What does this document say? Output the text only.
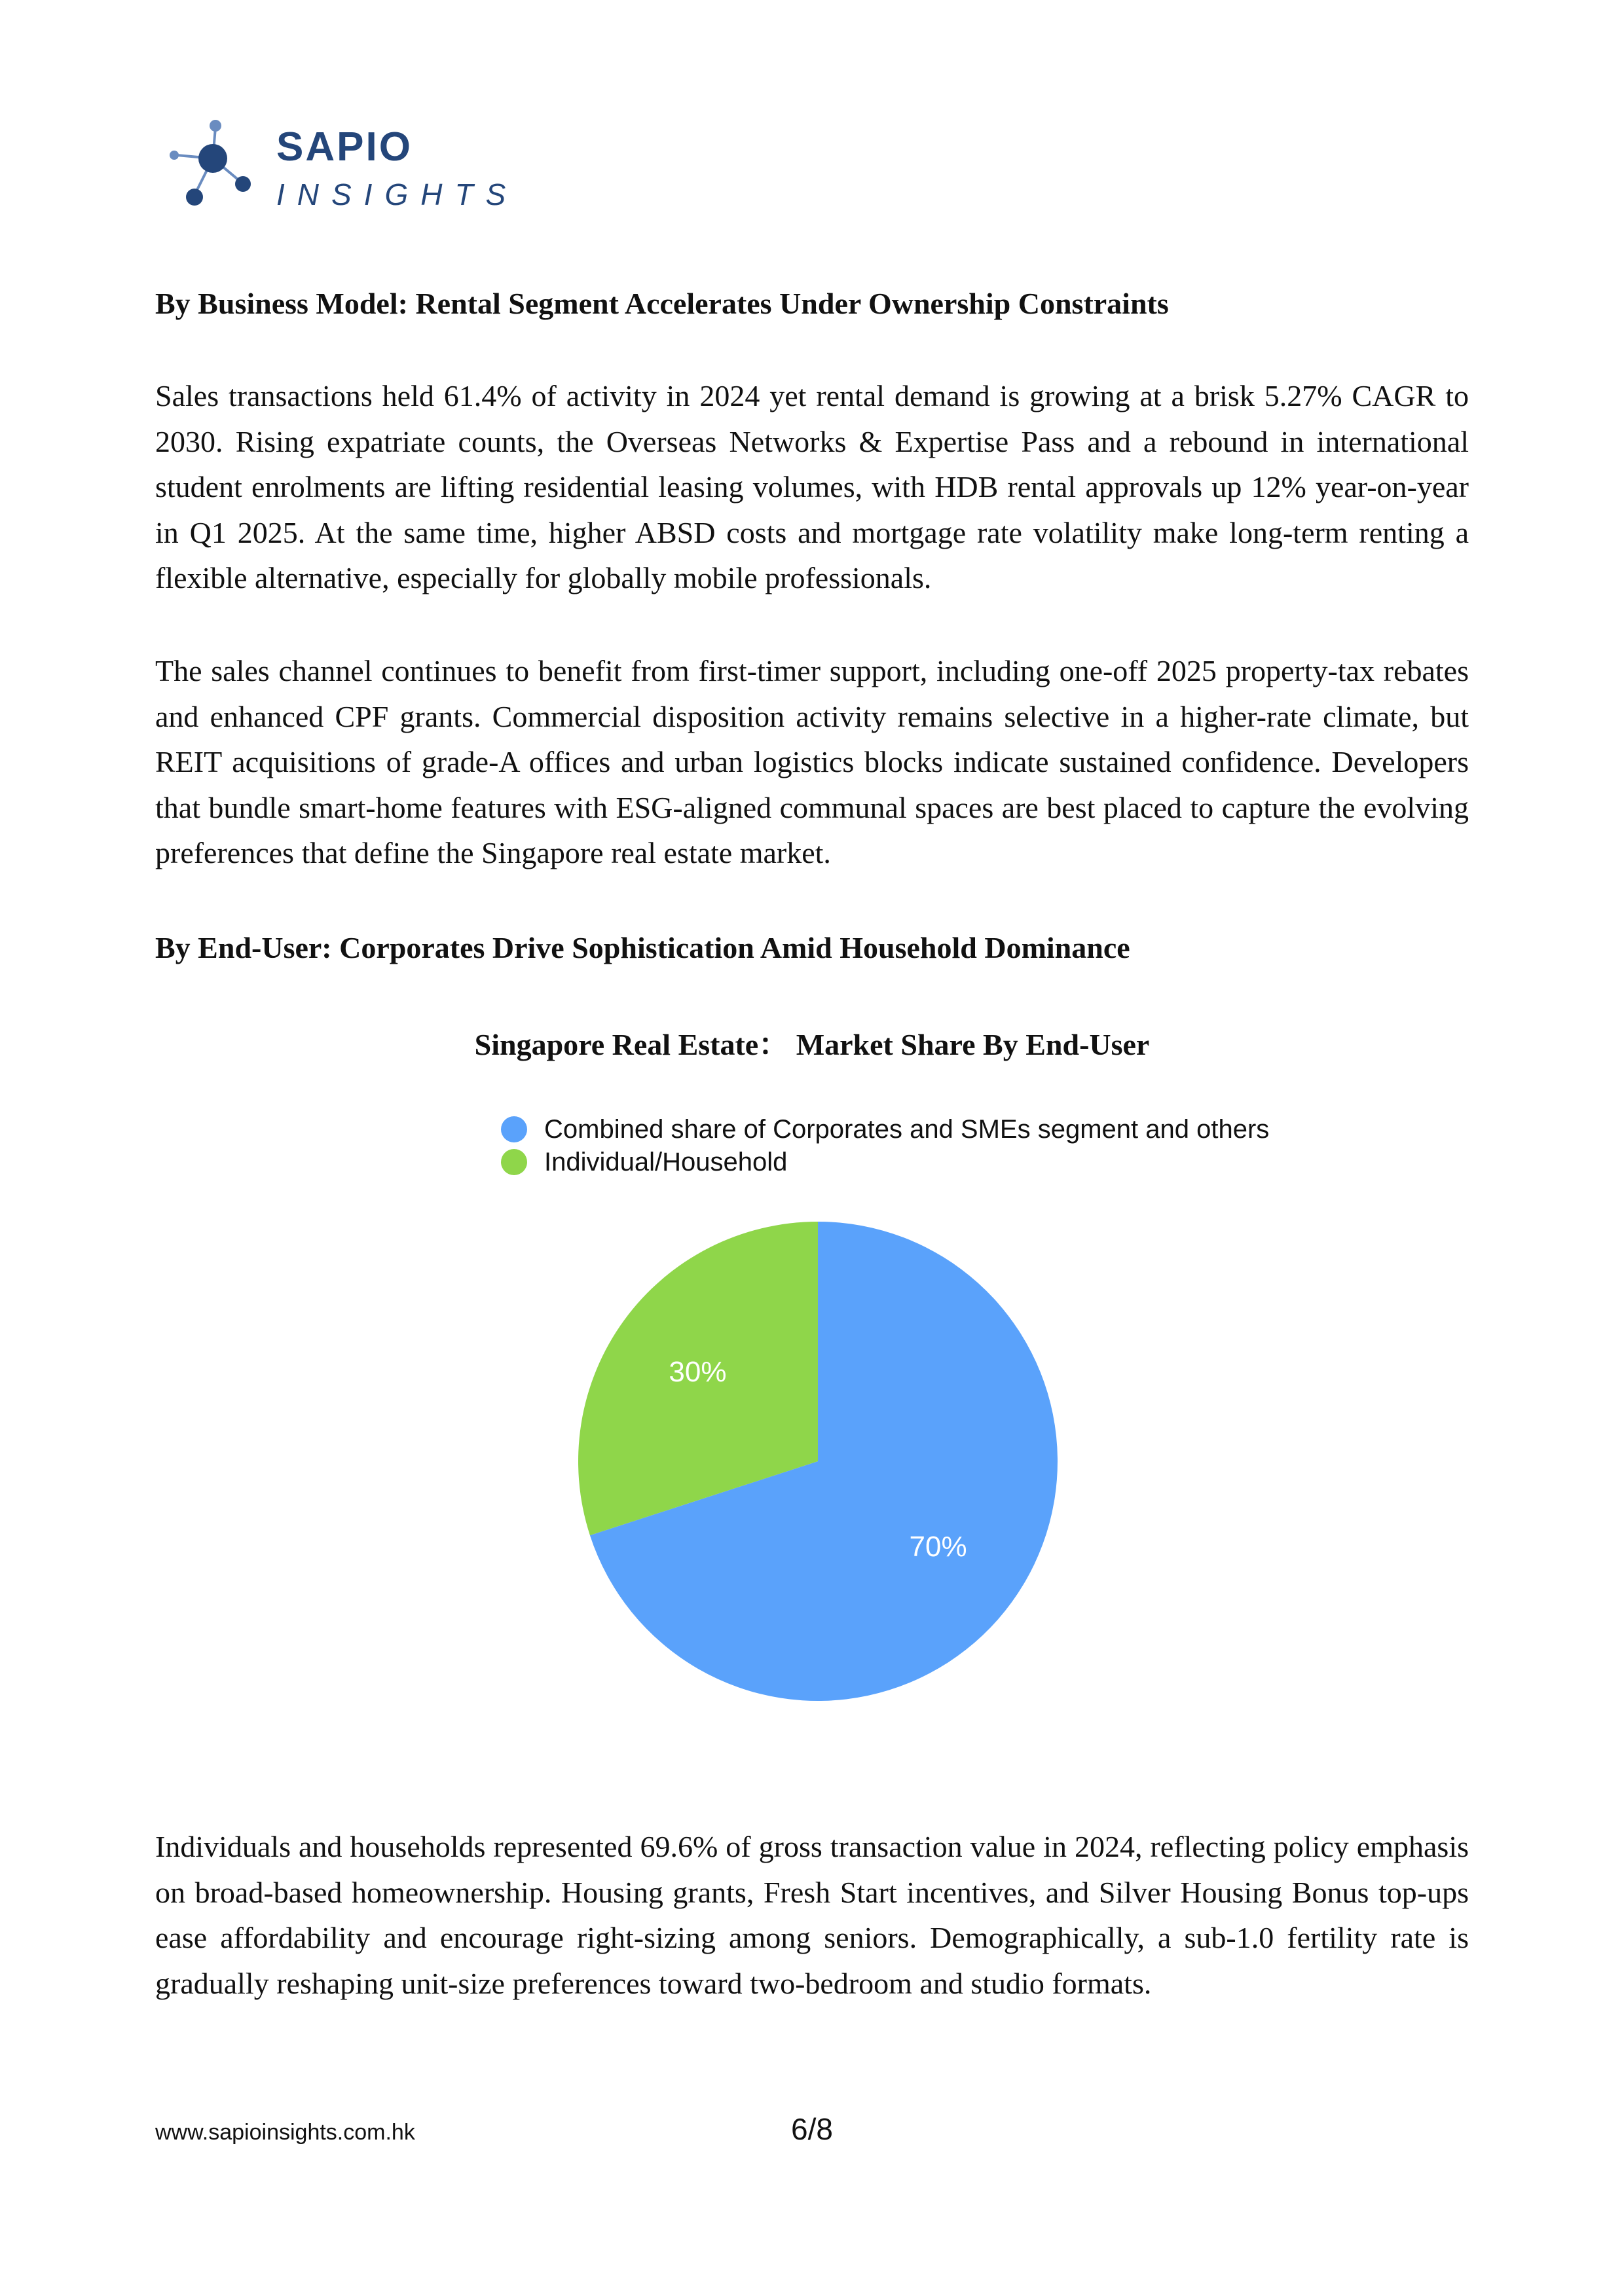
SAPIO
INSIGHTS
By Business Model: Rental Segment Accelerates Under Ownership Constraints
Sales transactions held 61.4% of activity in 2024 yet rental demand is growing at a brisk 5.27% CAGR to 2030. Rising expatriate counts, the Overseas Networks & Expertise Pass and a rebound in international student enrolments are lifting residential leasing volumes, with HDB rental approvals up 12% year-on-year in Q1 2025. At the same time, higher ABSD costs and mortgage rate volatility make long-term renting a flexible alternative, especially for globally mobile professionals.
The sales channel continues to benefit from first-timer support, including one-off 2025 property-tax rebates and enhanced CPF grants. Commercial disposition activity remains selective in a higher-rate climate, but REIT acquisitions of grade-A offices and urban logistics blocks indicate sustained confidence. Developers that bundle smart-home features with ESG-aligned communal spaces are best placed to capture the evolving preferences that define the Singapore real estate market.
By End-User: Corporates Drive Sophistication Amid Household Dominance
Singapore Real Estate： Market Share By End-User
Combined share of Corporates and SMEs segment and others
Individual/Household
70%
30%
Individuals and households represented 69.6% of gross transaction value in 2024, reflecting policy emphasis on broad-based homeownership. Housing grants, Fresh Start incentives, and Silver Housing Bonus top-ups ease affordability and encourage right-sizing among seniors. Demographically, a sub-1.0 fertility rate is gradually reshaping unit-size preferences toward two-bedroom and studio formats.
www.sapioinsights.com.hk	6/8
